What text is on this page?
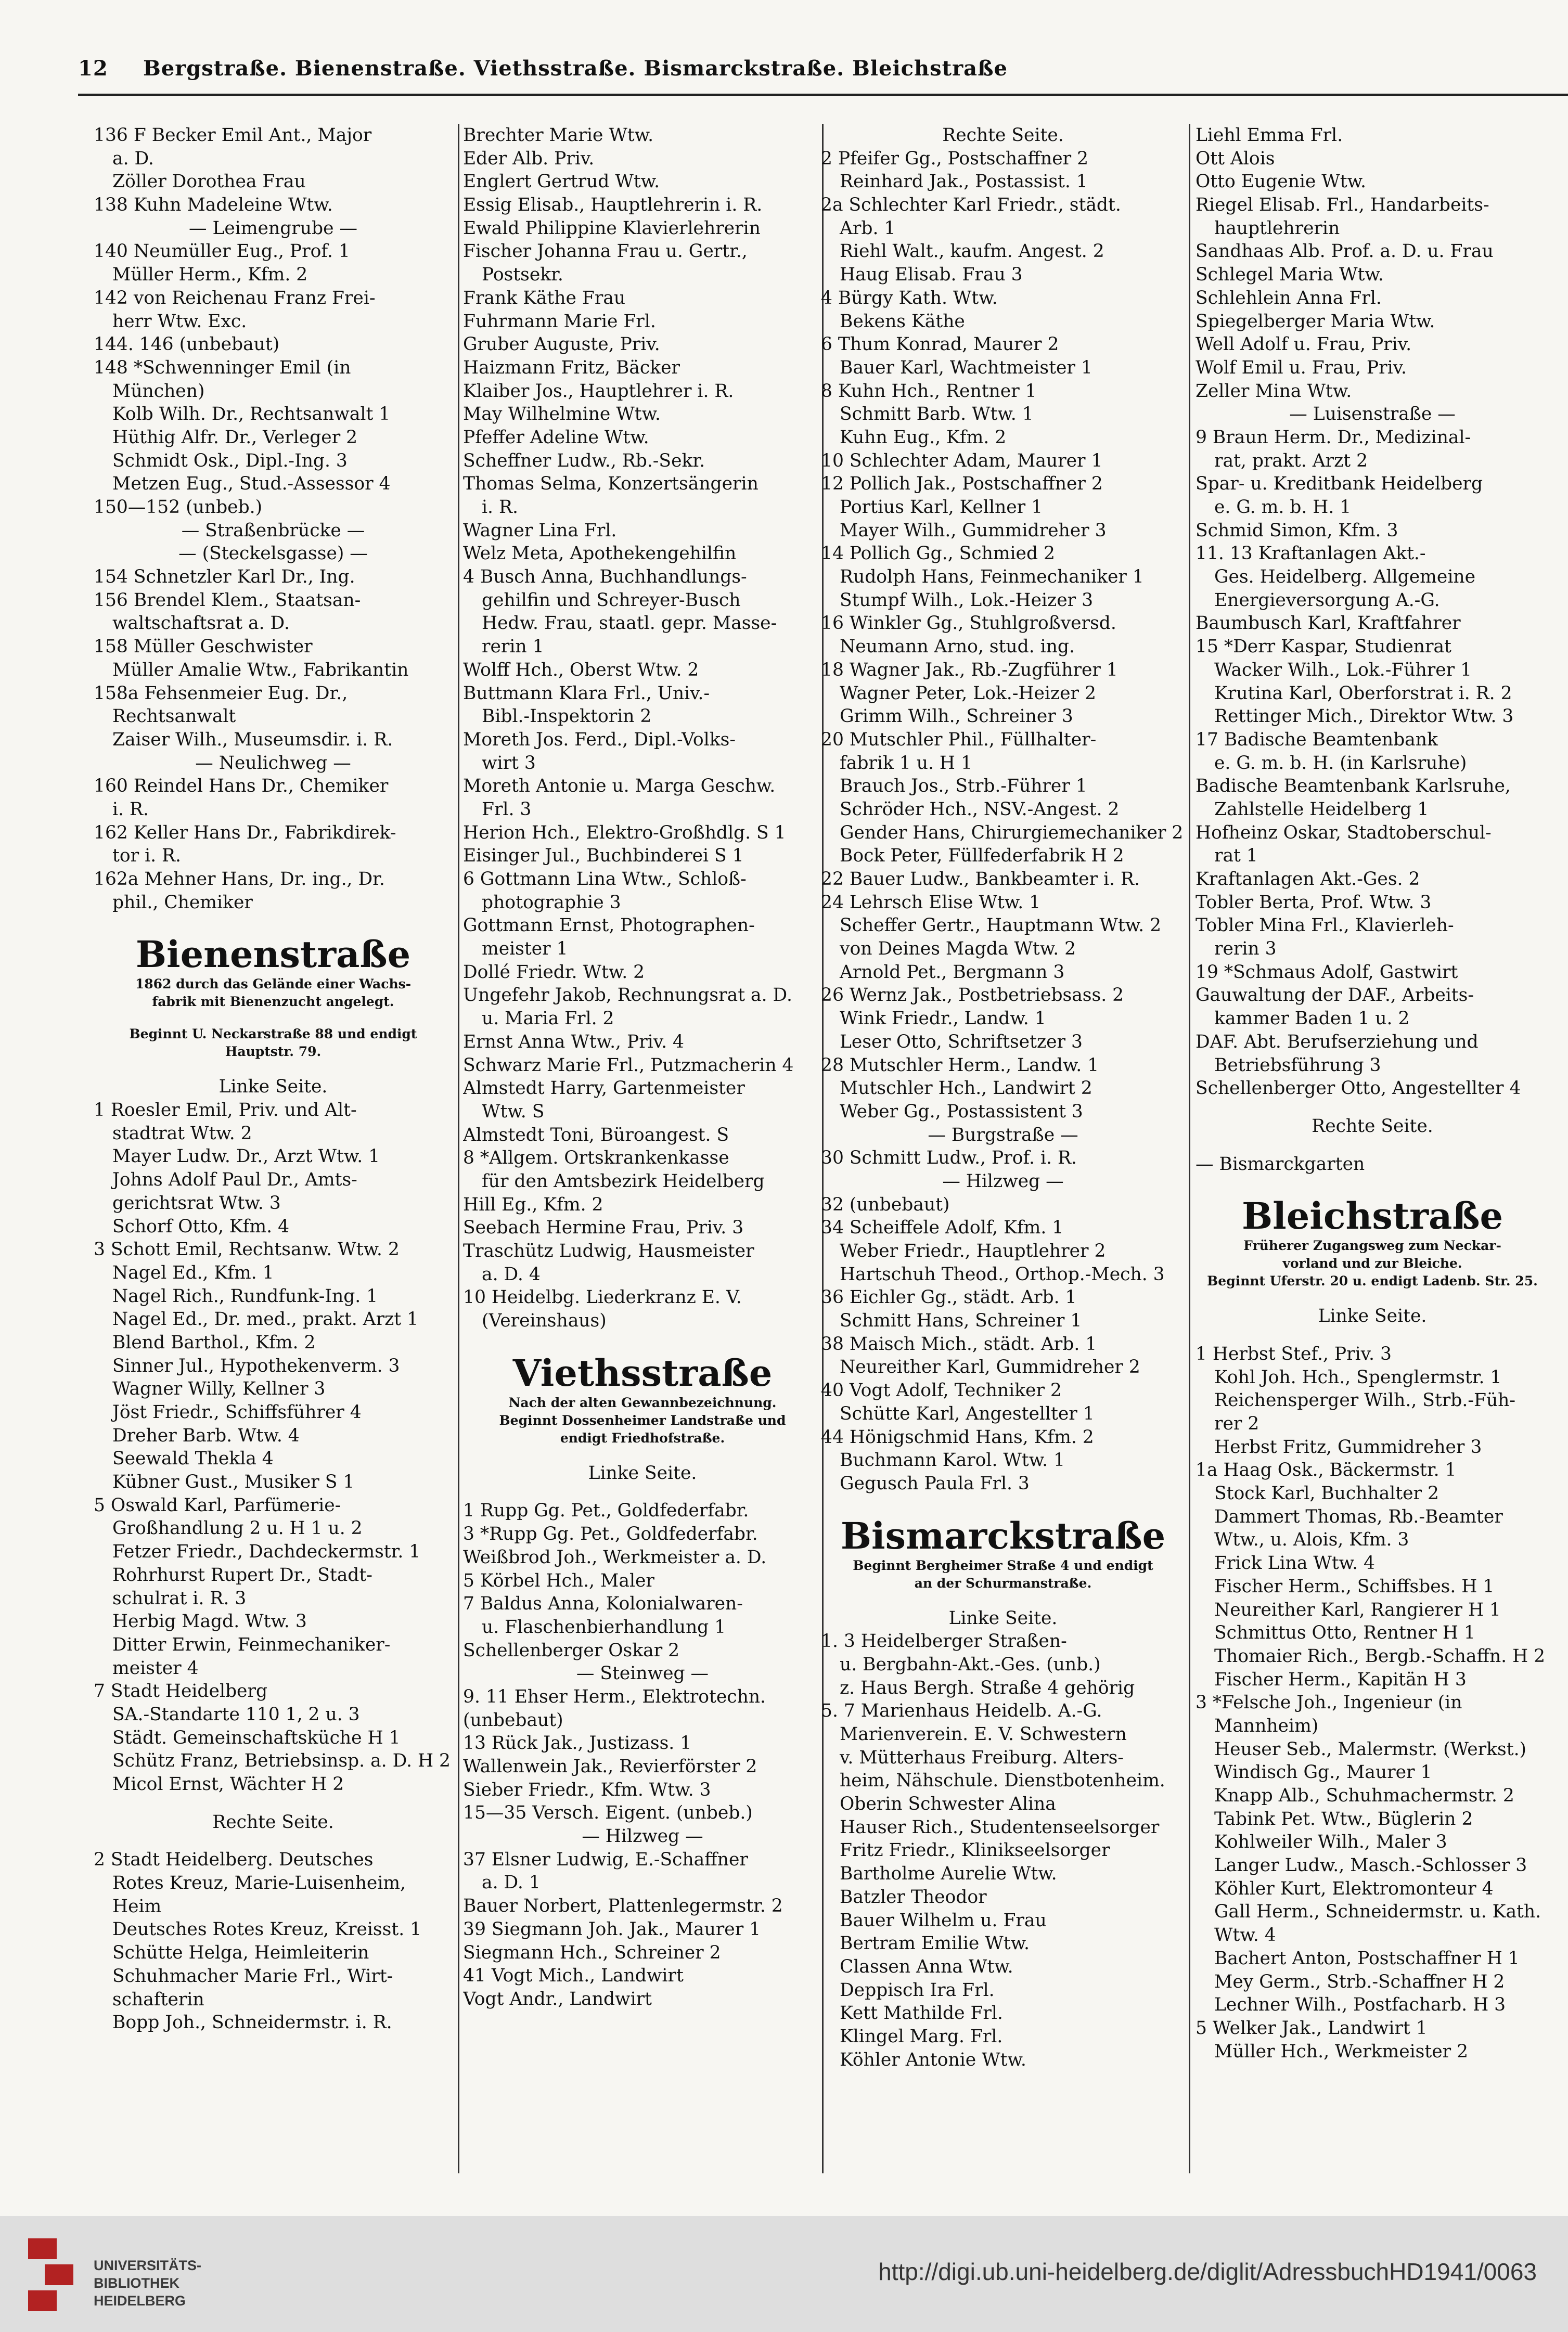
12 Bergstraße. Bienenstraße. Viethsstraße. Bismarckstraße. Bleichstraße
136 F Becker Emil Ant., Major
a. D.
Zöller Dorothea Frau
138 Kuhn Madeleine Wtw.
— Leimengrube —
140 Neumüller Eug., Prof. 1
Müller Herm., Kfm. 2
142 von Reichenau Franz Frei-
herr Wtw. Exc.
144. 146 (unbebaut)
148 *Schwenninger Emil (in
München)
Kolb Wilh. Dr., Rechtsanwalt 1
Hüthig Alfr. Dr., Verleger 2
Schmidt Osk., Dipl.-Ing. 3
Metzen Eug., Stud.-Assessor 4
150—152 (unbeb.)
— Straßenbrücke —
— (Steckelsgasse) —
154 Schnetzler Karl Dr., Ing.
156 Brendel Klem., Staatsan-
waltschaftsrat a. D.
158 Müller Geschwister
Müller Amalie Wtw., Fabrikantin
158a Fehsenmeier Eug. Dr.,
Rechtsanwalt
Zaiser Wilh., Museumsdir. i. R.
— Neulichweg —
160 Reindel Hans Dr., Chemiker
i. R.
162 Keller Hans Dr., Fabrikdirek-
tor i. R.
162a Mehner Hans, Dr. ing., Dr.
phil., Chemiker
Bienenstraße
1862 durch das Gelände einer Wachs-
fabrik mit Bienenzucht angelegt.
Beginnt U. Neckarstraße 88 und endigt
Hauptstr. 79.
Linke Seite.
1 Roesler Emil, Priv. und Alt-
stadtrat Wtw. 2
Mayer Ludw. Dr., Arzt Wtw. 1
Johns Adolf Paul Dr., Amts-
gerichtsrat Wtw. 3
Schorf Otto, Kfm. 4
3 Schott Emil, Rechtsanw. Wtw. 2
Nagel Ed., Kfm. 1
Nagel Rich., Rundfunk-Ing. 1
Nagel Ed., Dr. med., prakt. Arzt 1
Blend Barthol., Kfm. 2
Sinner Jul., Hypothekenverm. 3
Wagner Willy, Kellner 3
Jöst Friedr., Schiffsführer 4
Dreher Barb. Wtw. 4
Seewald Thekla 4
Kübner Gust., Musiker S 1
5 Oswald Karl, Parfümerie-
Großhandlung 2 u. H 1 u. 2
Fetzer Friedr., Dachdeckermstr. 1
Rohrhurst Rupert Dr., Stadt-
schulrat i. R. 3
Herbig Magd. Wtw. 3
Ditter Erwin, Feinmechaniker-
meister 4
7 Stadt Heidelberg
SA.-Standarte 110 1, 2 u. 3
Städt. Gemeinschaftsküche H 1
Schütz Franz, Betriebsinsp. a. D. H 2
Micol Ernst, Wächter H 2
Rechte Seite.
2 Stadt Heidelberg. Deutsches
Rotes Kreuz, Marie-Luisenheim,
Heim
Deutsches Rotes Kreuz, Kreisst. 1
Schütte Helga, Heimleiterin
Schuhmacher Marie Frl., Wirt-
schafterin
Bopp Joh., Schneidermstr. i. R.
Brechter Marie Wtw.
Eder Alb. Priv.
Englert Gertrud Wtw.
Essig Elisab., Hauptlehrerin i. R.
Ewald Philippine Klavierlehrerin
Fischer Johanna Frau u. Gertr.,
Postsekr.
Frank Käthe Frau
Fuhrmann Marie Frl.
Gruber Auguste, Priv.
Haizmann Fritz, Bäcker
Klaiber Jos., Hauptlehrer i. R.
May Wilhelmine Wtw.
Pfeffer Adeline Wtw.
Scheffner Ludw., Rb.-Sekr.
Thomas Selma, Konzertsängerin
i. R.
Wagner Lina Frl.
Welz Meta, Apothekengehilfin
4 Busch Anna, Buchhandlungs-
gehilfin und Schreyer-Busch
Hedw. Frau, staatl. gepr. Masse-
rerin 1
Wolff Hch., Oberst Wtw. 2
Buttmann Klara Frl., Univ.-
Bibl.-Inspektorin 2
Moreth Jos. Ferd., Dipl.-Volks-
wirt 3
Moreth Antonie u. Marga Geschw.
Frl. 3
Herion Hch., Elektro-Großhdlg. S 1
Eisinger Jul., Buchbinderei S 1
6 Gottmann Lina Wtw., Schloß-
photographie 3
Gottmann Ernst, Photographen-
meister 1
Dollé Friedr. Wtw. 2
Ungefehr Jakob, Rechnungsrat a. D.
u. Maria Frl. 2
Ernst Anna Wtw., Priv. 4
Schwarz Marie Frl., Putzmacherin 4
Almstedt Harry, Gartenmeister
Wtw. S
Almstedt Toni, Büroangest. S
8 *Allgem. Ortskrankenkasse
für den Amtsbezirk Heidelberg
Hill Eg., Kfm. 2
Seebach Hermine Frau, Priv. 3
Traschütz Ludwig, Hausmeister
a. D. 4
10 Heidelbg. Liederkranz E. V.
(Vereinshaus)
Viethsstraße
Nach der alten Gewannbezeichnung.
Beginnt Dossenheimer Landstraße und
endigt Friedhofstraße.
Linke Seite.
1 Rupp Gg. Pet., Goldfederfabr.
3 *Rupp Gg. Pet., Goldfederfabr.
Weißbrod Joh., Werkmeister a. D.
5 Körbel Hch., Maler
7 Baldus Anna, Kolonialwaren-
u. Flaschenbierhandlung 1
Schellenberger Oskar 2
— Steinweg —
9. 11 Ehser Herm., Elektrotechn.
(unbebaut)
13 Rück Jak., Justizass. 1
Wallenwein Jak., Revierförster 2
Sieber Friedr., Kfm. Wtw. 3
15—35 Versch. Eigent. (unbeb.)
— Hilzweg —
37 Elsner Ludwig, E.-Schaffner
a. D. 1
Bauer Norbert, Plattenlegermstr. 2
39 Siegmann Joh. Jak., Maurer 1
Siegmann Hch., Schreiner 2
41 Vogt Mich., Landwirt
Vogt Andr., Landwirt
Rechte Seite.
2 Pfeifer Gg., Postschaffner 2
Reinhard Jak., Postassist. 1
2a Schlechter Karl Friedr., städt.
Arb. 1
Riehl Walt., kaufm. Angest. 2
Haug Elisab. Frau 3
4 Bürgy Kath. Wtw.
Bekens Käthe
6 Thum Konrad, Maurer 2
Bauer Karl, Wachtmeister 1
8 Kuhn Hch., Rentner 1
Schmitt Barb. Wtw. 1
Kuhn Eug., Kfm. 2
10 Schlechter Adam, Maurer 1
12 Pollich Jak., Postschaffner 2
Portius Karl, Kellner 1
Mayer Wilh., Gummidreher 3
14 Pollich Gg., Schmied 2
Rudolph Hans, Feinmechaniker 1
Stumpf Wilh., Lok.-Heizer 3
16 Winkler Gg., Stuhlgroßversd.
Neumann Arno, stud. ing.
18 Wagner Jak., Rb.-Zugführer 1
Wagner Peter, Lok.-Heizer 2
Grimm Wilh., Schreiner 3
20 Mutschler Phil., Füllhalter-
fabrik 1 u. H 1
Brauch Jos., Strb.-Führer 1
Schröder Hch., NSV.-Angest. 2
Gender Hans, Chirurgiemechaniker 2
Bock Peter, Füllfederfabrik H 2
22 Bauer Ludw., Bankbeamter i. R.
24 Lehrsch Elise Wtw. 1
Scheffer Gertr., Hauptmann Wtw. 2
von Deines Magda Wtw. 2
Arnold Pet., Bergmann 3
26 Wernz Jak., Postbetriebsass. 2
Wink Friedr., Landw. 1
Leser Otto, Schriftsetzer 3
28 Mutschler Herm., Landw. 1
Mutschler Hch., Landwirt 2
Weber Gg., Postassistent 3
— Burgstraße —
30 Schmitt Ludw., Prof. i. R.
— Hilzweg —
32 (unbebaut)
34 Scheiffele Adolf, Kfm. 1
Weber Friedr., Hauptlehrer 2
Hartschuh Theod., Orthop.-Mech. 3
36 Eichler Gg., städt. Arb. 1
Schmitt Hans, Schreiner 1
38 Maisch Mich., städt. Arb. 1
Neureither Karl, Gummidreher 2
40 Vogt Adolf, Techniker 2
Schütte Karl, Angestellter 1
44 Hönigschmid Hans, Kfm. 2
Buchmann Karol. Wtw. 1
Gegusch Paula Frl. 3
Bismarckstraße
Beginnt Bergheimer Straße 4 und endigt
an der Schurmanstraße.
Linke Seite.
1. 3 Heidelberger Straßen-
u. Bergbahn-Akt.-Ges. (unb.)
z. Haus Bergh. Straße 4 gehörig
5. 7 Marienhaus Heidelb. A.-G.
Marienverein. E. V. Schwestern
v. Mütterhaus Freiburg. Alters-
heim, Nähschule. Dienstbotenheim.
Oberin Schwester Alina
Hauser Rich., Studentenseelsorger
Fritz Friedr., Klinikseelsorger
Bartholme Aurelie Wtw.
Batzler Theodor
Bauer Wilhelm u. Frau
Bertram Emilie Wtw.
Classen Anna Wtw.
Deppisch Ira Frl.
Kett Mathilde Frl.
Klingel Marg. Frl.
Köhler Antonie Wtw.
Liehl Emma Frl.
Ott Alois
Otto Eugenie Wtw.
Riegel Elisab. Frl., Handarbeits-
hauptlehrerin
Sandhaas Alb. Prof. a. D. u. Frau
Schlegel Maria Wtw.
Schlehlein Anna Frl.
Spiegelberger Maria Wtw.
Well Adolf u. Frau, Priv.
Wolf Emil u. Frau, Priv.
Zeller Mina Wtw.
— Luisenstraße —
9 Braun Herm. Dr., Medizinal-
rat, prakt. Arzt 2
Spar- u. Kreditbank Heidelberg
e. G. m. b. H. 1
Schmid Simon, Kfm. 3
11. 13 Kraftanlagen Akt.-
Ges. Heidelberg. Allgemeine
Energieversorgung A.-G.
Baumbusch Karl, Kraftfahrer
15 *Derr Kaspar, Studienrat
Wacker Wilh., Lok.-Führer 1
Krutina Karl, Oberforstrat i. R. 2
Rettinger Mich., Direktor Wtw. 3
17 Badische Beamtenbank
e. G. m. b. H. (in Karlsruhe)
Badische Beamtenbank Karlsruhe,
Zahlstelle Heidelberg 1
Hofheinz Oskar, Stadtoberschul-
rat 1
Kraftanlagen Akt.-Ges. 2
Tobler Berta, Prof. Wtw. 3
Tobler Mina Frl., Klavierleh-
rerin 3
19 *Schmaus Adolf, Gastwirt
Gauwaltung der DAF., Arbeits-
kammer Baden 1 u. 2
DAF. Abt. Berufserziehung und
Betriebsführung 3
Schellenberger Otto, Angestellter 4
Rechte Seite.
— Bismarckgarten
Bleichstraße
Früherer Zugangsweg zum Neckar-
vorland und zur Bleiche.
Beginnt Uferstr. 20 u. endigt Ladenb. Str. 25.
Linke Seite.
1 Herbst Stef., Priv. 3
Kohl Joh. Hch., Spenglermstr. 1
Reichensperger Wilh., Strb.-Füh-
rer 2
Herbst Fritz, Gummidreher 3
1a Haag Osk., Bäckermstr. 1
Stock Karl, Buchhalter 2
Dammert Thomas, Rb.-Beamter
Wtw., u. Alois, Kfm. 3
Frick Lina Wtw. 4
Fischer Herm., Schiffsbes. H 1
Neureither Karl, Rangierer H 1
Schmittus Otto, Rentner H 1
Thomaier Rich., Bergb.-Schaffn. H 2
Fischer Herm., Kapitän H 3
3 *Felsche Joh., Ingenieur (in
Mannheim)
Heuser Seb., Malermstr. (Werkst.)
Windisch Gg., Maurer 1
Knapp Alb., Schuhmachermstr. 2
Tabink Pet. Wtw., Büglerin 2
Kohlweiler Wilh., Maler 3
Langer Ludw., Masch.-Schlosser 3
Köhler Kurt, Elektromonteur 4
Gall Herm., Schneidermstr. u. Kath.
Wtw. 4
Bachert Anton, Postschaffner H 1
Mey Germ., Strb.-Schaffner H 2
Lechner Wilh., Postfacharb. H 3
5 Welker Jak., Landwirt 1
Müller Hch., Werkmeister 2
UNIVERSITÄTS-
BIBLIOTHEK
HEIDELBERG
http://digi.ub.uni-heidelberg.de/diglit/AdressbuchHD1941/0063
